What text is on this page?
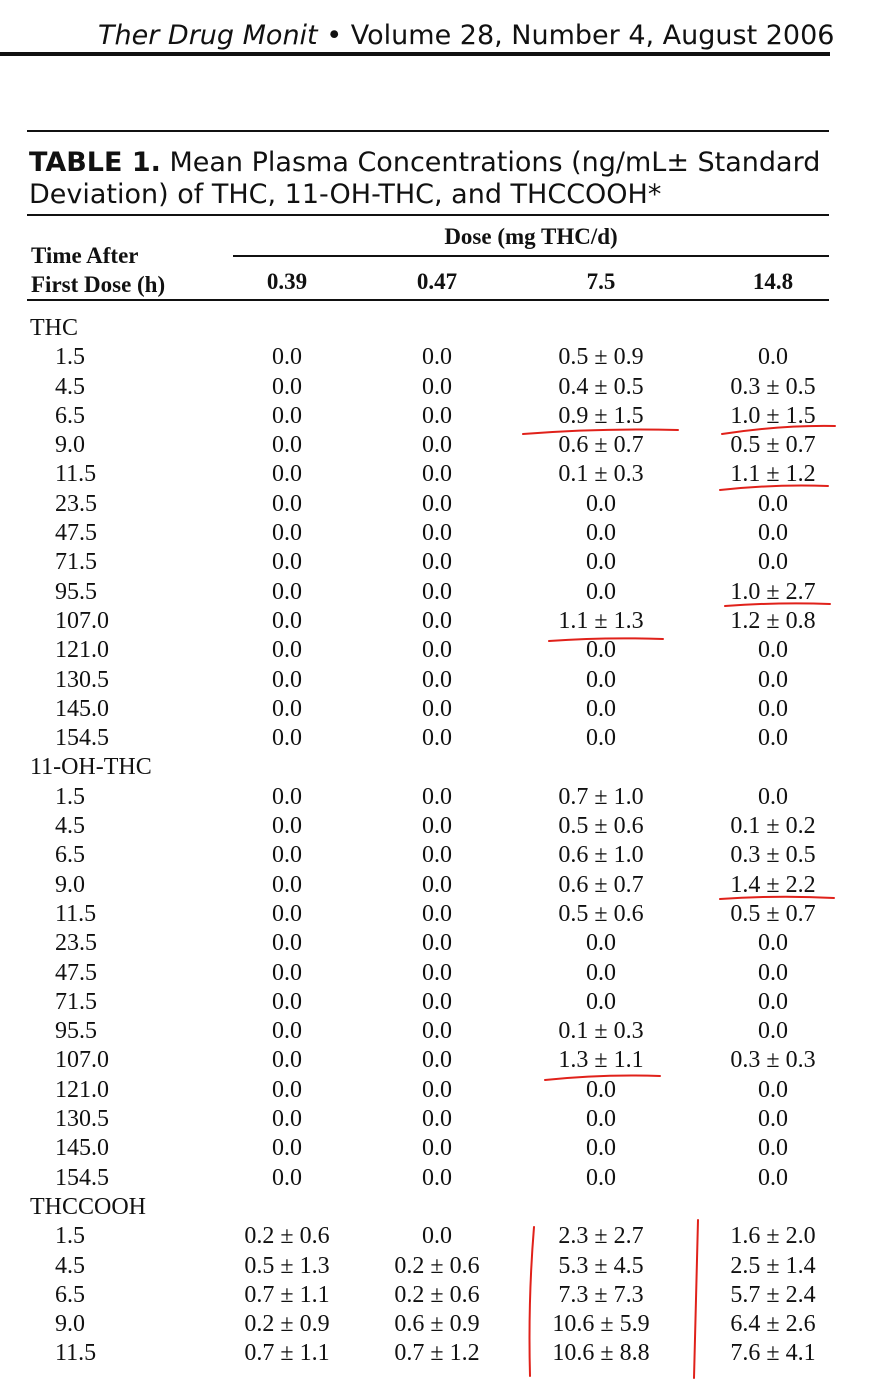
Ther Drug Monit • Volume 28, Number 4, August 2006
TABLE 1. Mean Plasma Concentrations (ng/mL± Standard Deviation) of THC, 11-OH-THC, and THCCOOH*
Dose (mg THC/d)
Time After
First Dose (h)	0.39	0.47	7.5	14.8
THC
1.5	0.0	0.0	0.5 ± 0.9	0.0
4.5	0.0	0.0	0.4 ± 0.5	0.3 ± 0.5
6.5	0.0	0.0	0.9 ± 1.5	1.0 ± 1.5
9.0	0.0	0.0	0.6 ± 0.7	0.5 ± 0.7
11.5	0.0	0.0	0.1 ± 0.3	1.1 ± 1.2
23.5	0.0	0.0	0.0	0.0
47.5	0.0	0.0	0.0	0.0
71.5	0.0	0.0	0.0	0.0
95.5	0.0	0.0	0.0	1.0 ± 2.7
107.0	0.0	0.0	1.1 ± 1.3	1.2 ± 0.8
121.0	0.0	0.0	0.0	0.0
130.5	0.0	0.0	0.0	0.0
145.0	0.0	0.0	0.0	0.0
154.5	0.0	0.0	0.0	0.0
11-OH-THC
1.5	0.0	0.0	0.7 ± 1.0	0.0
4.5	0.0	0.0	0.5 ± 0.6	0.1 ± 0.2
6.5	0.0	0.0	0.6 ± 1.0	0.3 ± 0.5
9.0	0.0	0.0	0.6 ± 0.7	1.4 ± 2.2
11.5	0.0	0.0	0.5 ± 0.6	0.5 ± 0.7
23.5	0.0	0.0	0.0	0.0
47.5	0.0	0.0	0.0	0.0
71.5	0.0	0.0	0.0	0.0
95.5	0.0	0.0	0.1 ± 0.3	0.0
107.0	0.0	0.0	1.3 ± 1.1	0.3 ± 0.3
121.0	0.0	0.0	0.0	0.0
130.5	0.0	0.0	0.0	0.0
145.0	0.0	0.0	0.0	0.0
154.5	0.0	0.0	0.0	0.0
THCCOOH
1.5	0.2 ± 0.6	0.0	2.3 ± 2.7	1.6 ± 2.0
4.5	0.5 ± 1.3	0.2 ± 0.6	5.3 ± 4.5	2.5 ± 1.4
6.5	0.7 ± 1.1	0.2 ± 0.6	7.3 ± 7.3	5.7 ± 2.4
9.0	0.2 ± 0.9	0.6 ± 0.9	10.6 ± 5.9	6.4 ± 2.6
11.5	0.7 ± 1.1	0.7 ± 1.2	10.6 ± 8.8	7.6 ± 4.1
